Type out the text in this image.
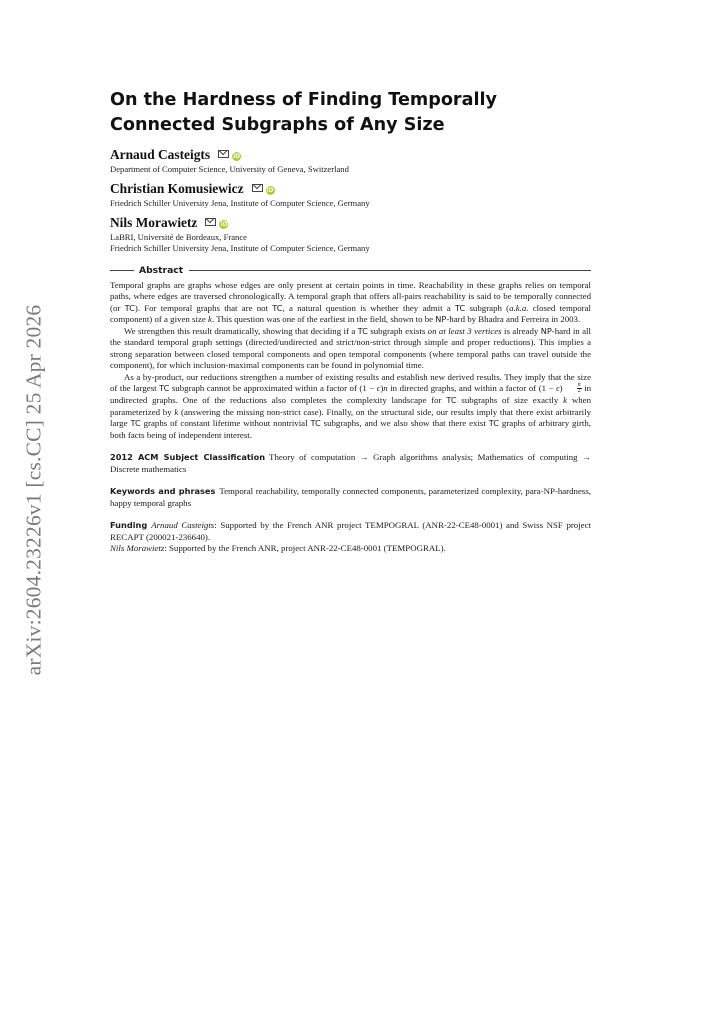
arXiv:2604.23226v1 [cs.CC] 25 Apr 2026
On the Hardness of Finding Temporally Connected Subgraphs of Any Size
Arnaud Casteigts	iD
Department of Computer Science, University of Geneva, Switzerland
Christian Komusiewicz	iD
Friedrich Schiller University Jena, Institute of Computer Science, Germany
Nils Morawietz	iD
LaBRI, Université de Bordeaux, France
Friedrich Schiller University Jena, Institute of Computer Science, Germany
Abstract

Temporal graphs are graphs whose edges are only present at certain points in time. Reachability in these graphs relies on temporal paths, where edges are traversed chronologically. A temporal graph that offers all-pairs reachability is said to be temporally connected (or TC). For temporal graphs that are not TC, a natural question is whether they admit a TC subgraph (a.k.a. closed temporal component) of a given size k. This question was one of the earliest in the field, shown to be NP-hard by Bhadra and Ferreira in 2003.

We strengthen this result dramatically, showing that deciding if a TC subgraph exists on at least 3 vertices is already NP-hard in all the standard temporal graph settings (directed/undirected and strict/non-strict through simple and proper reductions). This implies a strong separation between closed temporal components and open temporal components (where temporal paths can travel outside the component), for which inclusion-maximal components can be found in polynomial time.

As a by-product, our reductions strengthen a number of existing results and establish new derived results. They imply that the size of the largest TC subgraph cannot be approximated within a factor of (1 − ϵ)n in directed graphs, and within a factor of $(1 - \epsilon)\frac{n}{2}$ in undirected graphs. One of the reductions also completes the complexity landscape for TC subgraphs of size exactly k when parameterized by k (answering the missing non-strict case). Finally, on the structural side, our results imply that there exist arbitrarily large TC graphs of constant lifetime without nontrivial TC subgraphs, and we also show that there exist TC graphs of arbitrary girth, both facts being of independent interest.

2012 ACM Subject Classification Theory of computation → Graph algorithms analysis; Mathematics of computing → Discrete mathematics
Keywords and phrases Temporal reachability, temporally connected components, parameterized complexity, para-NP-hardness, happy temporal graphs
Funding Arnaud Casteigts: Supported by the French ANR project TEMPOGRAL (ANR-22-CE48-0001) and Swiss NSF project RECAPT (200021-236640).
Nils Morawietz: Supported by the French ANR, project ANR-22-CE48-0001 (TEMPOGRAL).
